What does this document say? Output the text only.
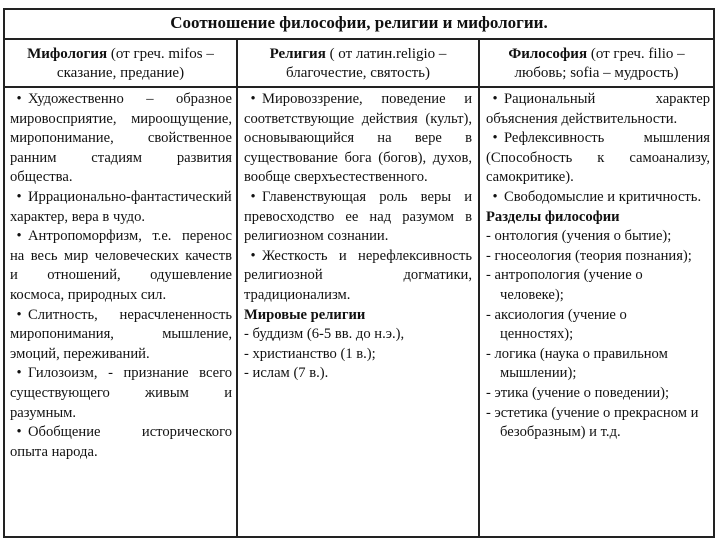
Соотношение философии, религии и мифологии.
Мифология (от греч. mifos –
сказание, предание)
Религия ( от латин.religio –
благочестие, святость)
Философия (от греч. filio –
любовь; sofia – мудрость)

• Художественно – образное мировосприятие, мироощущение, миропонимание, свойственное ранним стадиям развития общества.

• Иррационально-фантастический характер, вера в чудо.

• Антропоморфизм, т.е. перенос на весь мир человеческих качеств и отношений, одушевление космоса, природных сил.

• Слитность, нерасчлененность миропонимания, мышление, эмоций, переживаний.

• Гилозоизм, - признание всего существующего живым и разумным.

• Обобщение исторического опыта народа.

• Мировоззрение, поведение и соответствующие действия (культ), основывающийся на вере в существование бога (богов), духов, вообще сверхъестественного.

• Главенствующая роль веры и превосходство ее над разумом в религиозном сознании.

• Жесткость и нерефлексивность религиозной догматики, традиционализм.

Мировые религии

- буддизм (6-5 вв. до н.э.),

- христианство (1 в.);

- ислам (7 в.).

• Рациональный характер объяснения действительности.

• Рефлексивность мышления (Способность к самоанализу, самокритике).

• Свободомыслие и критичность.

Разделы философии

- онтология (учения о бытие);

- гносеология (теория познания);

- антропология (учение о

человеке);

- аксиология (учение о

ценностях);

- логика (наука о правильном

мышлении);

- этика (учение о поведении);

- эстетика (учение о прекрасном и

безобразным) и т.д.
